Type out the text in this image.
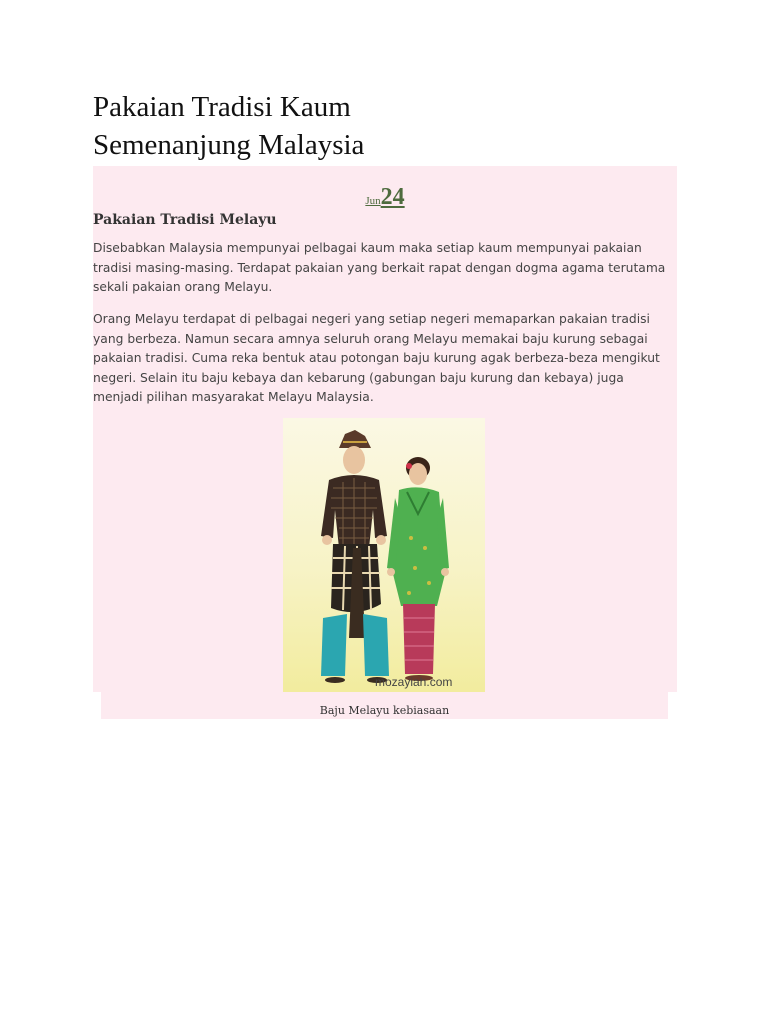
Pakaian Tradisi Kaum
Semenanjung Malaysia
Jun24
Pakaian Tradisi Melayu

Disebabkan Malaysia mempunyai pelbagai kaum maka setiap kaum mempunyai pakaian tradisi masing-masing. Terdapat pakaian yang berkait rapat dengan dogma agama terutama sekali pakaian orang Melayu.

Orang Melayu terdapat di pelbagai negeri yang setiap negeri memaparkan pakaian tradisi yang berbeza. Namun secara amnya seluruh orang Melayu memakai baju kurung sebagai pakaian tradisi. Cuma reka bentuk atau potongan baju kurung agak berbeza-beza mengikut negeri. Selain itu baju kebaya dan kebarung (gabungan baju kurung dan kebaya) juga menjadi pilihan masyarakat Melayu Malaysia.

mozayiah.com
Baju Melayu kebiasaan
